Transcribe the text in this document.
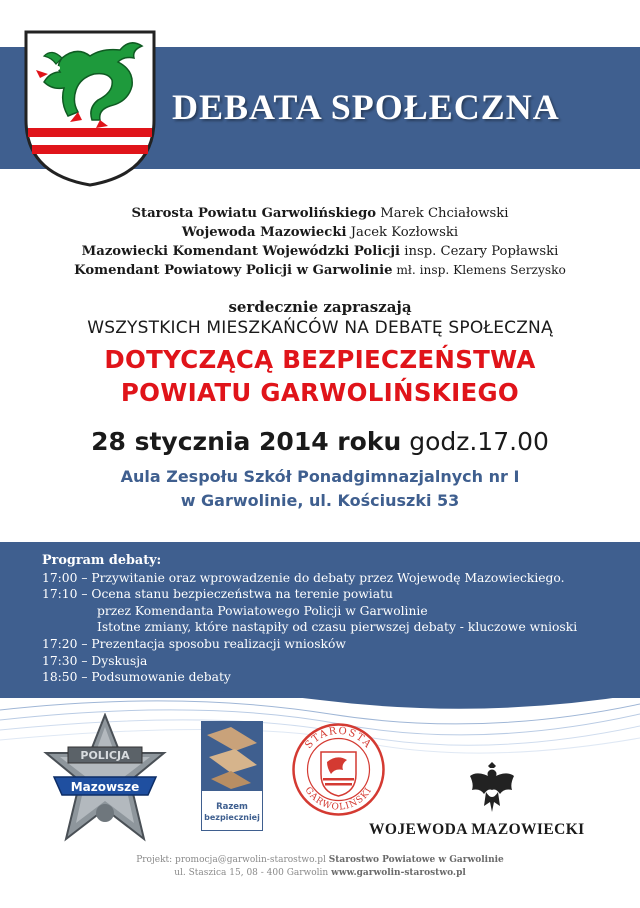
DEBATA SPOŁECZNA
Starosta Powiatu Garwolińskiego Marek Chciałowski
Wojewoda Mazowiecki Jacek Kozłowski
Mazowiecki Komendant Wojewódzki Policji insp. Cezary Popławski
Komendant Powiatowy Policji w Garwolinie mł. insp. Klemens Serzysko
serdecznie zapraszają
WSZYSTKICH MIESZKAŃCÓW NA DEBATĘ SPOŁECZNĄ
DOTYCZĄCĄ BEZPIECZEŃSTWA
POWIATU GARWOLIŃSKIEGO
28 stycznia 2014 roku godz.17.00
Aula Zespołu Szkół Ponadgimnazjalnych nr I
w Garwolinie, ul. Kościuszki 53
Program debaty:
17:00 – Przywitanie oraz wprowadzenie do debaty przez Wojewodę Mazowieckiego.
17:10 – Ocena stanu bezpieczeństwa na terenie powiatu
przez Komendanta Powiatowego Policji w Garwolinie
Istotne zmiany, które nastąpiły od czasu pierwszej debaty - kluczowe wnioski
17:20 – Prezentacja sposobu realizacji wniosków
17:30 – Dyskusja
18:50 – Podsumowanie debaty
POLICJA
Mazowsze
Razem
bezpieczniej
STAROSTA
GARWOLIŃSKI
WOJEWODA MAZOWIECKI
Projekt: promocja@garwolin-starostwo.pl Starostwo Powiatowe w Garwolinie
ul. Staszica 15, 08 - 400 Garwolin www.garwolin-starostwo.pl
